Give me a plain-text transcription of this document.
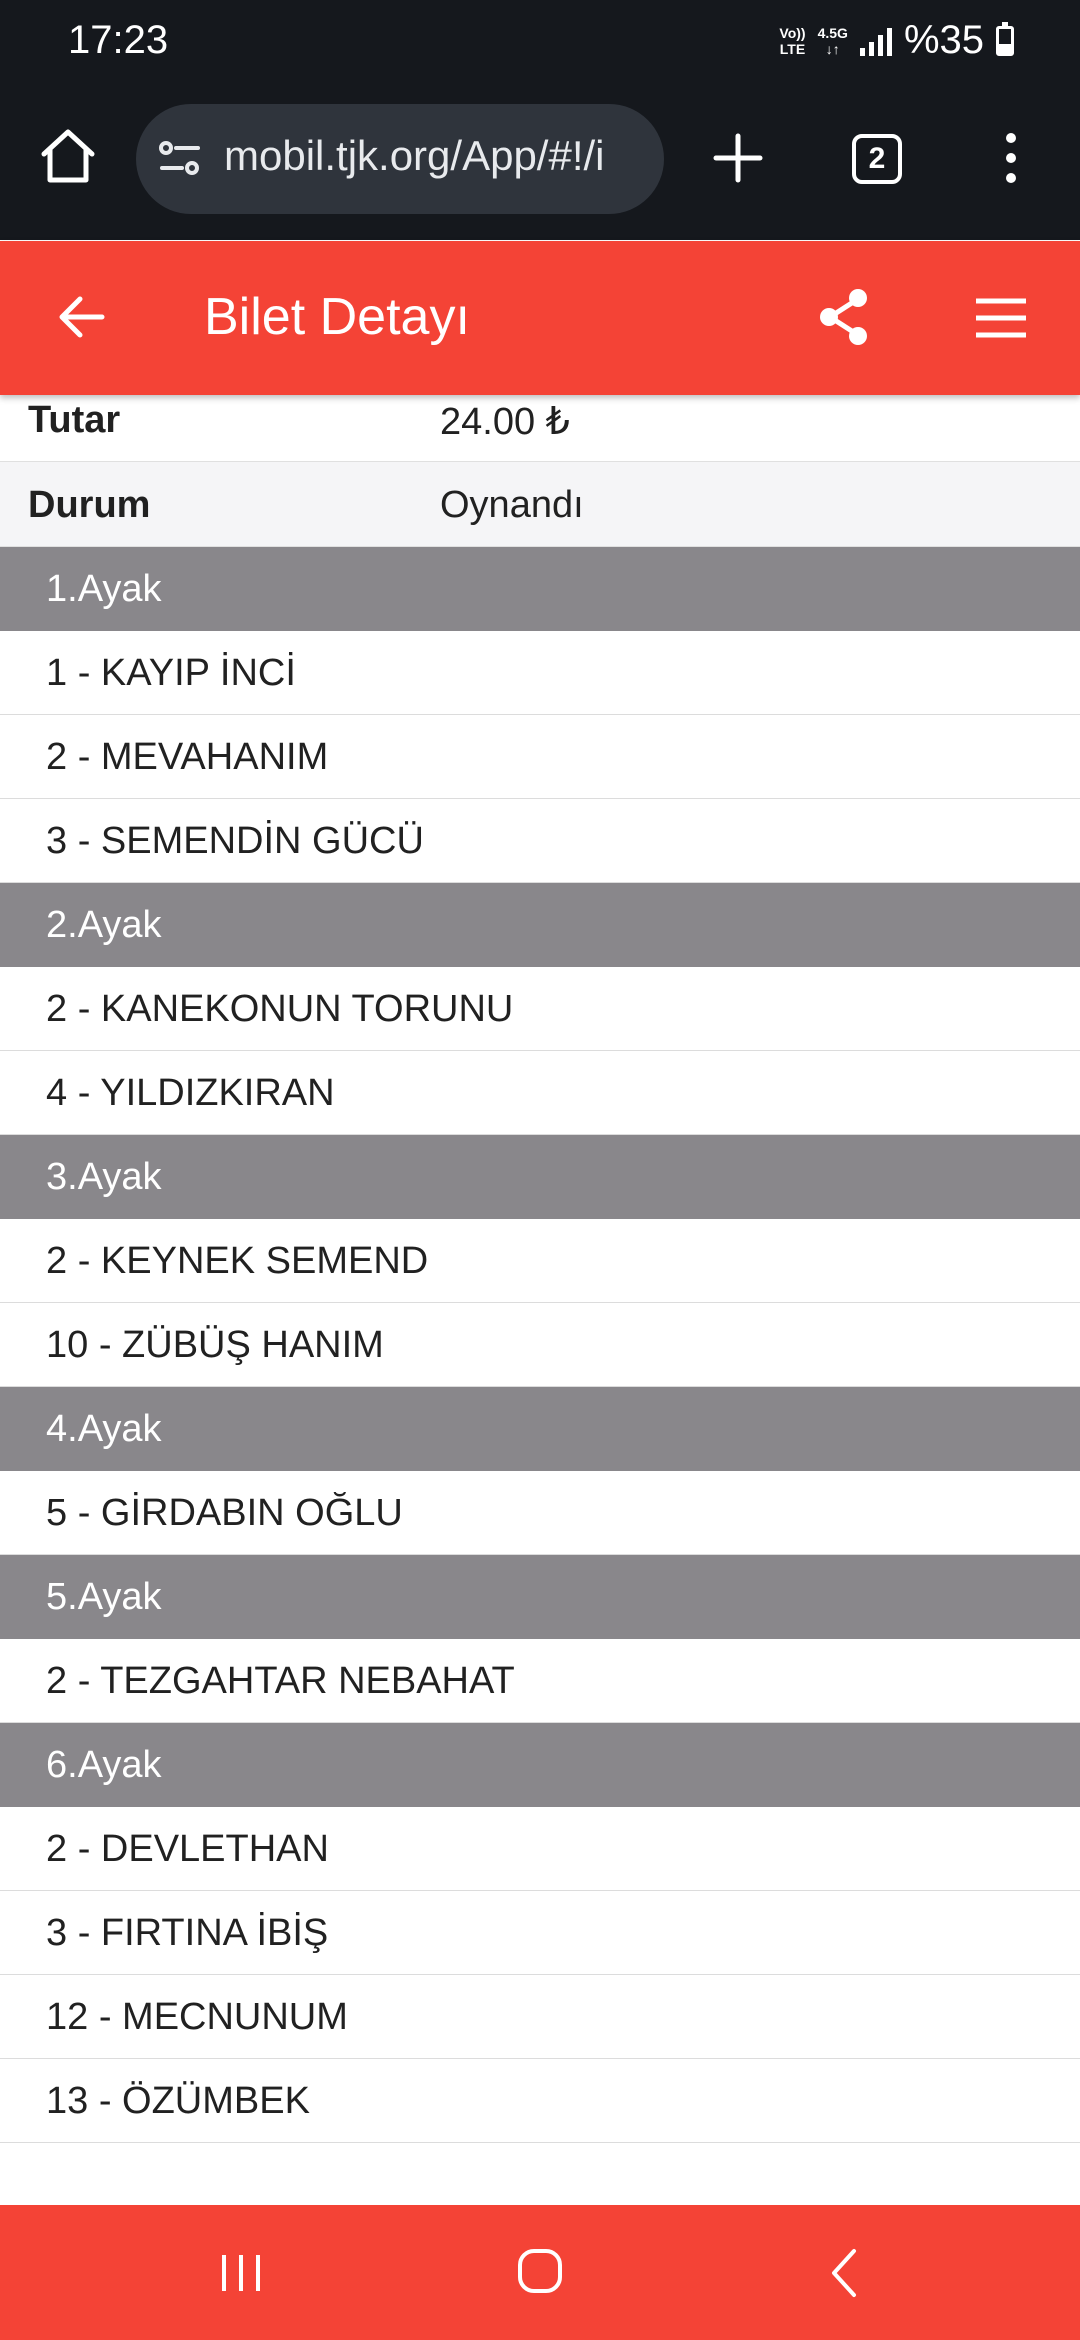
17:23	Vo))
LTE
4.5G
↓↑ %35
mobil.tjk.org/App/#!/i	2
Bilet Detayı
Tutar	24.00 ₺
Durum	Oynandı
1.Ayak
1 - KAYIP İNCİ
2 - MEVAHANIM
3 - SEMENDİN GÜCÜ
2.Ayak
2 - KANEKONUN TORUNU
4 - YILDIZKIRAN
3.Ayak
2 - KEYNEK SEMEND
10 - ZÜBÜŞ HANIM
4.Ayak
5 - GİRDABIN OĞLU
5.Ayak
2 - TEZGAHTAR NEBAHAT
6.Ayak
2 - DEVLETHAN
3 - FIRTINA İBİŞ
12 - MECNUNUM
13 - ÖZÜMBEK
